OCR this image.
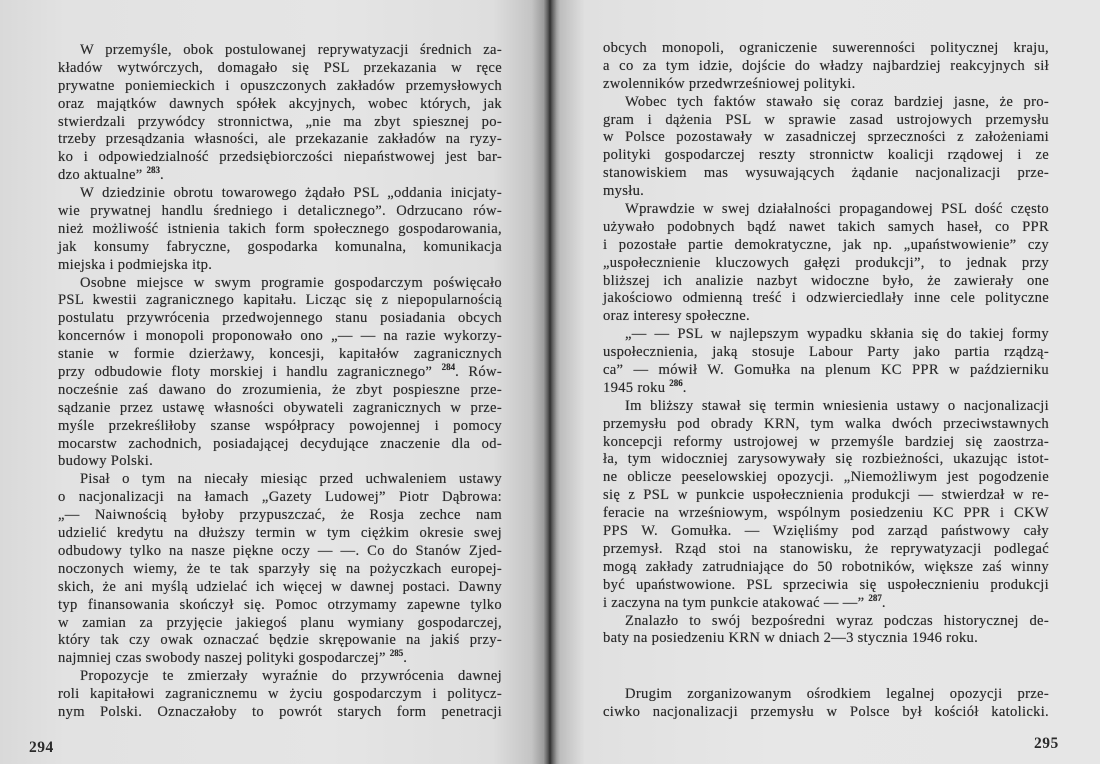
W przemyśle, obok postulowanej reprywatyzacji średnich za-
kładów wytwórczych, domagało się PSL przekazania w ręce
prywatne poniemieckich i opuszczonych zakładów przemysłowych
oraz majątków dawnych spółek akcyjnych, wobec których, jak
stwierdzali przywódcy stronnictwa, „nie ma zbyt spiesznej po-
trzeby przesądzania własności, ale przekazanie zakładów na ryzy-
ko i odpowiedzialność przedsiębiorczości niepaństwowej jest bar-
dzo aktualne” $^{283}$.
W dziedzinie obrotu towarowego żądało PSL „oddania inicjaty-
wie prywatnej handlu średniego i detalicznego”. Odrzucano rów-
nież możliwość istnienia takich form społecznego gospodarowania,
jak konsumy fabryczne, gospodarka komunalna, komunikacja
miejska i podmiejska itp.
Osobne miejsce w swym programie gospodarczym poświęcało
PSL kwestii zagranicznego kapitału. Licząc się z niepopularnością
postulatu przywrócenia przedwojennego stanu posiadania obcych
koncernów i monopoli proponowało ono „— — na razie wykorzy-
stanie w formie dzierżawy, koncesji, kapitałów zagranicznych
przy odbudowie floty morskiej i handlu zagranicznego” $^{284}$. Rów-
nocześnie zaś dawano do zrozumienia, że zbyt pospieszne prze-
sądzanie przez ustawę własności obywateli zagranicznych w prze-
myśle przekreśliłoby szanse współpracy powojennej i pomocy
mocarstw zachodnich, posiadającej decydujące znaczenie dla od-
budowy Polski.
Pisał o tym na niecały miesiąc przed uchwaleniem ustawy
o nacjonalizacji na łamach „Gazety Ludowej” Piotr Dąbrowa:
„— Naiwnością byłoby przypuszczać, że Rosja zechce nam
udzielić kredytu na dłuższy termin w tym ciężkim okresie swej
odbudowy tylko na nasze piękne oczy — —. Co do Stanów Zjed-
noczonych wiemy, że te tak sparzyły się na pożyczkach europej-
skich, że ani myślą udzielać ich więcej w dawnej postaci. Dawny
typ finansowania skończył się. Pomoc otrzymamy zapewne tylko
w zamian za przyjęcie jakiegoś planu wymiany gospodarczej,
który tak czy owak oznaczać będzie skrępowanie na jakiś przy-
najmniej czas swobody naszej polityki gospodarczej” $^{285}$.
Propozycje te zmierzały wyraźnie do przywrócenia dawnej
roli kapitałowi zagranicznemu w życiu gospodarczym i politycz-
nym Polski. Oznaczałoby to powrót starych form penetracji
294
obcych monopoli, ograniczenie suwerenności politycznej kraju,
a co za tym idzie, dojście do władzy najbardziej reakcyjnych sił
zwolenników przedwrześniowej polityki.
Wobec tych faktów stawało się coraz bardziej jasne, że pro-
gram i dążenia PSL w sprawie zasad ustrojowych przemysłu
w Polsce pozostawały w zasadniczej sprzeczności z założeniami
polityki gospodarczej reszty stronnictw koalicji rządowej i ze
stanowiskiem mas wysuwających żądanie nacjonalizacji prze-
mysłu.
Wprawdzie w swej działalności propagandowej PSL dość często
używało podobnych bądź nawet takich samych haseł, co PPR
i pozostałe partie demokratyczne, jak np. „upaństwowienie” czy
„uspołecznienie kluczowych gałęzi produkcji”, to jednak przy
bliższej ich analizie nazbyt widoczne było, że zawierały one
jakościowo odmienną treść i odzwierciedlały inne cele polityczne
oraz interesy społeczne.
„— — PSL w najlepszym wypadku skłania się do takiej formy
uspołecznienia, jaką stosuje Labour Party jako partia rządzą-
ca” — mówił W. Gomułka na plenum KC PPR w październiku
1945 roku $^{286}$.
Im bliższy stawał się termin wniesienia ustawy o nacjonalizacji
przemysłu pod obrady KRN, tym walka dwóch przeciwstawnych
koncepcji reformy ustrojowej w przemyśle bardziej się zaostrza-
ła, tym widoczniej zarysowywały się rozbieżności, ukazując istot-
ne oblicze peeselowskiej opozycji. „Niemożliwym jest pogodzenie
się z PSL w punkcie uspołecznienia produkcji — stwierdzał w re-
feracie na wrześniowym, wspólnym posiedzeniu KC PPR i CKW
PPS W. Gomułka. — Wzięliśmy pod zarząd państwowy cały
przemysł. Rząd stoi na stanowisku, że reprywatyzacji podlegać
mogą zakłady zatrudniające do 50 robotników, większe zaś winny
być upaństwowione. PSL sprzeciwia się uspołecznieniu produkcji
i zaczyna na tym punkcie atakować — —” $^{287}$.
Znalazło to swój bezpośredni wyraz podczas historycznej de-
baty na posiedzeniu KRN w dniach 2—3 stycznia 1946 roku.
Drugim zorganizowanym ośrodkiem legalnej opozycji prze-
ciwko nacjonalizacji przemysłu w Polsce był kościół katolicki.
295
